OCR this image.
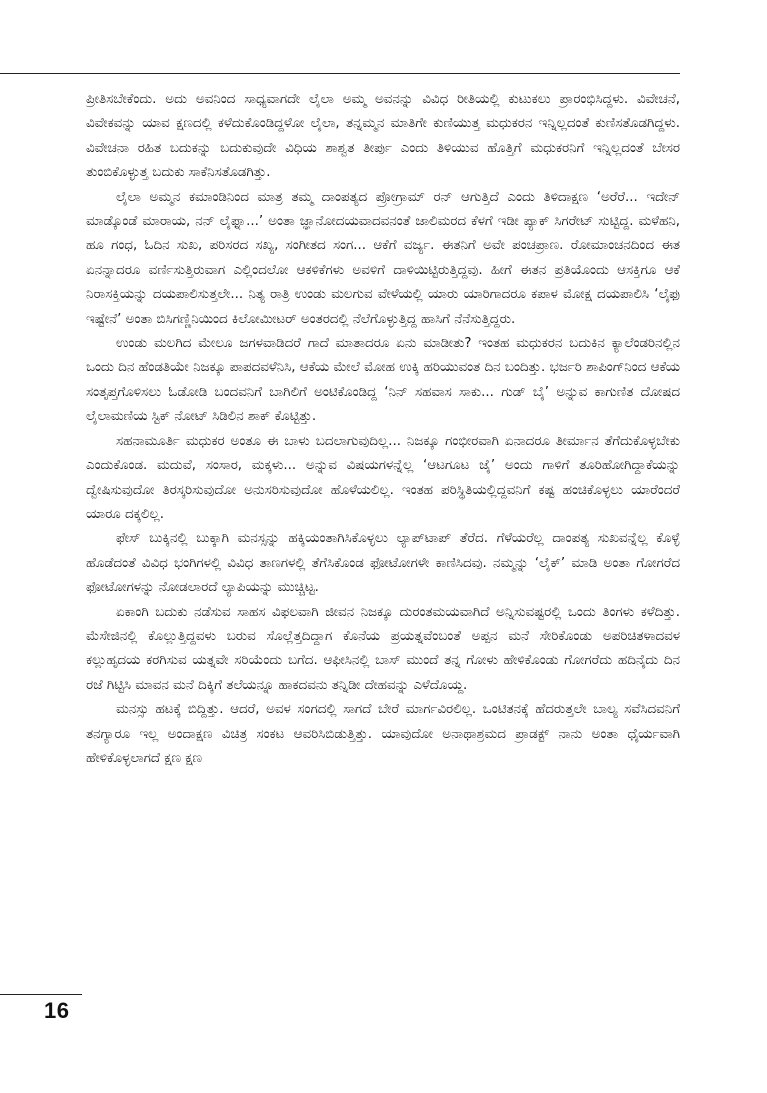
ಪ್ರೀತಿಸಬೇಕೆಂದು. ಅದು ಅವನಿಂದ ಸಾಧ್ಯವಾಗದೇ ಲೈಲಾ ಅಮ್ಮ ಅವನನ್ನು ವಿವಿಧ ರೀತಿಯಲ್ಲಿ ಕುಟುಕಲು ಪ್ರಾರಂಭಿಸಿದ್ದಳು. ವಿವೇಚನೆ, ವಿವೇಕವನ್ನು ಯಾವ ಕ್ಷಣದಲ್ಲಿ ಕಳೆದುಕೊಂಡಿದ್ದಳೋ ಲೈಲಾ, ತನ್ನಮ್ಮನ ಮಾತಿಗೇ ಕುಣಿಯುತ್ತ ಮಧುಕರನ ಇನ್ನಿಲ್ಲದಂತೆ ಕುಣಿಸತೊಡಗಿದ್ದಳು. ವಿವೇಚನಾ ರಹಿತ ಬದುಕನ್ನು ಬದುಕುವುದೇ ವಿಧಿಯ ಶಾಶ್ವತ ತೀರ್ಪು ಎಂದು ತಿಳಿಯುವ ಹೊತ್ತಿಗೆ ಮಧುಕರನಿಗೆ ಇನ್ನಿಲ್ಲದಂತೆ ಬೇಸರ ತುಂಬಿಕೊಳ್ಳುತ್ತ ಬದುಕು ಸಾಕೆನಿಸತೊಡಗಿತ್ತು.

ಲೈಲಾ ಅಮ್ಮನ ಕಮಾಂಡಿನಿಂದ ಮಾತ್ರ ತಮ್ಮ ದಾಂಪತ್ಯದ ಪ್ರೋಗ್ರಾಮ್ ರನ್ ಆಗುತ್ತಿದೆ ಎಂದು ತಿಳಿದಾಕ್ಷಣ ‘ಅರೆರೆ... ಇದೇನ್ ಮಾಡ್ಕೊಂಡೆ ಮಾರಾಯ, ನನ್ ಲೈಫ್ನಾ...’ ಅಂತಾ ಜ್ಞಾನೋದಯವಾದವನಂತೆ ಜಾಲಿಮರದ ಕೆಳಗೆ ಇಡೀ ಪ್ಯಾಕ್ ಸಿಗರೇಟ್ ಸುಟ್ಟಿದ್ದ. ಮಳೆಹನಿ, ಹೂ ಗಂಧ, ಓದಿನ ಸುಖ, ಪರಿಸರದ ಸಖ್ಯ, ಸಂಗೀತದ ಸಂಗ... ಆಕೆಗೆ ವರ್ಜ್ಯ. ಈತನಿಗೆ ಅವೇ ಪಂಚಪ್ರಾಣ. ರೋಮಾಂಚನದಿಂದ ಈತ ಏನನ್ನಾದರೂ ವರ್ಣಿಸುತ್ತಿರುವಾಗ ಎಲ್ಲಿಂದಲೋ ಆಕಳಿಕೆಗಳು ಅವಳಿಗೆ ದಾಳಿಯಿಟ್ಟಿರುತ್ತಿದ್ದವು. ಹೀಗೆ ಈತನ ಪ್ರತಿಯೊಂದು ಆಸಕ್ತಿಗೂ ಆಕೆ ನಿರಾಸಕ್ತಿಯನ್ನು ದಯಪಾಲಿಸುತ್ತಲೇ... ನಿತ್ಯ ರಾತ್ರಿ ಉಂಡು ಮಲಗುವ ವೇಳೆಯಲ್ಲಿ ಯಾರು ಯಾರಿಗಾದರೂ ಕಪಾಳ ಮೋಕ್ಷ ದಯಪಾಲಿಸಿ ‘ಲೈಫು ಇಷ್ಟೇನೆ’ ಅಂತಾ ಬಿಸಿಗಣ್ಣಿನಿಯಿಂದ ಕಿಲೋಮೀಟರ್ ಅಂತರದಲ್ಲಿ ನೆಲೆಗೊಳ್ಳುತ್ತಿದ್ದ ಹಾಸಿಗೆ ನೆನೆಸುತ್ತಿದ್ದರು.

ಉಂಡು ಮಲಗಿದ ಮೇಲೂ ಜಗಳವಾಡಿದರೆ ಗಾದೆ ಮಾತಾದರೂ ಏನು ಮಾಡೀತು? ಇಂತಹ ಮಧುಕರನ ಬದುಕಿನ ಕ್ಯಾಲೆಂಡರಿನಲ್ಲಿನ ಒಂದು ದಿನ ಹೆಂಡತಿಯೇ ನಿಜಕ್ಕೂ ಪಾಪದವಳೆನಿಸಿ, ಆಕೆಯ ಮೇಲೆ ಮೋಹ ಉಕ್ಕಿ ಹರಿಯುವಂತ ದಿನ ಬಂದಿತ್ತು. ಭರ್ಜರಿ ಶಾಪಿಂಗ್‌ನಿಂದ ಆಕೆಯ ಸಂತೃಪ್ತಗೊಳಿಸಲು ಓಡೋಡಿ ಬಂದವನಿಗೆ ಬಾಗಿಲಿಗೆ ಅಂಟಿಕೊಂಡಿದ್ದ ‘ನಿನ್ ಸಹವಾಸ ಸಾಕು... ಗುಡ್ ಬೈ’ ಅನ್ನುವ ಕಾಗುಣಿತ ದೋಷದ ಲೈಲಾಮಣಿಯ ಸ್ಟಿಕ್ ನೋಟ್ ಸಿಡಿಲಿನ ಶಾಕ್ ಕೊಟ್ಟಿತ್ತು.

ಸಹನಾಮೂರ್ತಿ ಮಧುಕರ ಅಂತೂ ಈ ಬಾಳು ಬದಲಾಗುವುದಿಲ್ಲ... ನಿಜಕ್ಕೂ ಗಂಭೀರವಾಗಿ ಏನಾದರೂ ತೀರ್ಮಾನ ತೆಗೆದುಕೊಳ್ಳಬೇಕು ಎಂದುಕೊಂಡ. ಮದುವೆ, ಸಂಸಾರ, ಮಕ್ಕಳು... ಅನ್ನುವ ವಿಷಯಗಳನ್ನೆಲ್ಲ ‘ಆಟಗೂಟ ಜೈ’ ಅಂದು ಗಾಳಿಗೆ ತೂರಿಹೋಗಿದ್ದಾಕೆಯನ್ನು ದ್ವೇಷಿಸುವುದೋ ತಿರಸ್ಕರಿಸುವುದೋ ಅನುಸರಿಸುವುದೋ ಹೊಳೆಯಲಿಲ್ಲ. ಇಂತಹ ಪರಿಸ್ಥಿತಿಯಲ್ಲಿದ್ದವನಿಗೆ ಕಷ್ಟ ಹಂಚಿಕೊಳ್ಳಲು ಯಾರೆಂದರೆ ಯಾರೂ ದಕ್ಕಲಿಲ್ಲ.

ಫೇಸ್ ಬುಕ್ಕಿನಲ್ಲಿ ಬುಕ್ಕಾಗಿ ಮನಸ್ಸನ್ನು ಹಕ್ಕಿಯಂತಾಗಿಸಿಕೊಳ್ಳಲು ಲ್ಯಾಪ್‌ಟಾಪ್ ತೆರೆದ. ಗೆಳೆಯರೆಲ್ಲ ದಾಂಪತ್ಯ ಸುಖವನ್ನೆಲ್ಲ ಕೊಳ್ಳೆ ಹೊಡೆದಂತೆ ವಿವಿಧ ಭಂಗಿಗಳಲ್ಲಿ ವಿವಿಧ ತಾಣಗಳಲ್ಲಿ ತೆಗೆಸಿಕೊಂಡ ಫೋಟೋಗಳೇ ಕಾಣಿಸಿದವು. ನಮ್ಮನ್ನು ‘ಲೈಕ್’ ಮಾಡಿ ಅಂತಾ ಗೋಗರೆದ ಫೋಟೋಗಳನ್ನು ನೋಡಲಾರದೆ ಲ್ಯಾಪಿಯನ್ನು ಮುಚ್ಚಿಟ್ಟ.

ಏಕಾಂಗಿ ಬದುಕು ನಡೆಸುವ ಸಾಹಸ ವಿಫಲವಾಗಿ ಜೀವನ ನಿಜಕ್ಕೂ ದುರಂತಮಯವಾಗಿದೆ ಅನ್ನಿಸುವಷ್ಟರಲ್ಲಿ ಒಂದು ತಿಂಗಳು ಕಳೆದಿತ್ತು. ಮೆಸೇಜಿನಲ್ಲಿ ಕೊಲ್ಲುತ್ತಿದ್ದವಳು ಬರುವ ಸೊಲ್ಲೆತ್ತದಿದ್ದಾಗ ಕೊನೆಯ ಪ್ರಯತ್ನವೆಂಬಂತೆ ಅಪ್ಪನ ಮನೆ ಸೇರಿಕೊಂಡು ಅಪರಿಚಿತಳಾದವಳ ಕಲ್ಲುಹೃದಯ ಕರಗಿಸುವ ಯತ್ನವೇ ಸರಿಯೆಂದು ಬಗೆದ. ಆಫೀಸಿನಲ್ಲಿ ಬಾಸ್ ಮುಂದೆ ತನ್ನ ಗೋಳು ಹೇಳಿಕೊಂಡು ಗೋಗರೆದು ಹದಿನೈದು ದಿನ ರಜೆ ಗಿಟ್ಟಿಸಿ ಮಾವನ ಮನೆ ದಿಕ್ಕಿಗೆ ತಲೆಯನ್ನೂ ಹಾಕದವನು ತನ್ನಿಡೀ ದೇಹವನ್ನು ಎಳೆದೊಯ್ದ.

ಮನಸ್ಸು ಹಟಕ್ಕೆ ಬಿದ್ದಿತ್ತು. ಆದರೆ, ಅವಳ ಸಂಗದಲ್ಲಿ ಸಾಗದೆ ಬೇರೆ ಮಾರ್ಗವಿರಲಿಲ್ಲ. ಒಂಟಿತನಕ್ಕೆ ಹೆದರುತ್ತಲೇ ಬಾಲ್ಯ ಸವೆಸಿದವನಿಗೆ ತನಗ್ಯಾರೂ ಇಲ್ಲ ಅಂದಾಕ್ಷಣ ವಿಚಿತ್ರ ಸಂಕಟ ಆವರಿಸಿಬಿಡುತ್ತಿತ್ತು. ಯಾವುದೋ ಅನಾಥಾಶ್ರಮದ ಪ್ರಾಡಕ್ಟ್ ನಾನು ಅಂತಾ ಧೈರ್ಯವಾಗಿ ಹೇಳಿಕೊಳ್ಳಲಾಗದೆ ಕ್ಷಣ ಕ್ಷಣ

16
